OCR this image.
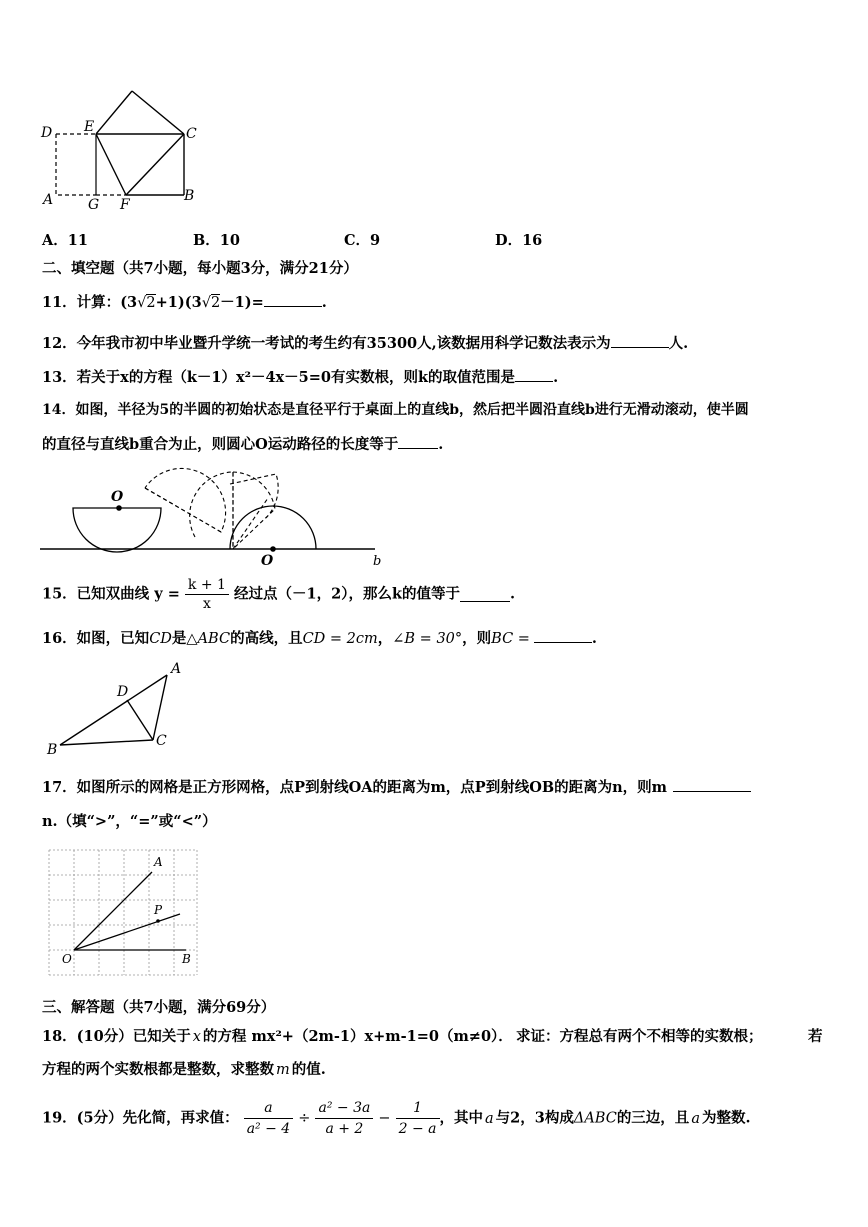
D E	C
A G F
B
A．11	B．10	C．9	D．16
二、填空题（共7小题，每小题3分，满分21分）
11．计算：(3√2+1)(3√2－1)=	.
12．今年我市初中毕业暨升学统一考试的考生约有35300人,该数据用科学记数法表示为	人.
13．若关于x的方程（k－1）x²－4x－5=0有实数根，则k的取值范围是	.
14．如图，半径为5的半圆的初始状态是直径平行于桌面上的直线b，然后把半圆沿直线b进行无滑动滚动，使半圆
的直径与直线b重合为止，则圆心O运动路径的长度等于	.
O
O	b
15．已知双曲线 $y = \frac{k + 1}{x}$ 经过点（－1，2），那么k的值等于	.
16．如图，已知CD是△ABC的高线，且CD = 2cm，∠B = 30°，则BC =	.
A
D
B
C
17．如图所示的网格是正方形网格，点P到射线OA的距离为m，点P到射线OB的距离为n，则m
n.（填“>”，“=”或“<”）
A
P
O	B
三、解答题（共7小题，满分69分）
18．(10分）已知关于 x 的方程 mx²+（2m-1）x+m-1=0（m≠0）． 求证：方程总有两个不相等的实数根；	若
方程的两个实数根都是整数，求整数 m 的值.
19．(5分）先化简，再求值： $\frac{a}{\text{a² − 4}} \div \frac{\text{a² − 3a}}{a + 2} - \frac{1}{2 - a}$ ，其中 a 与2，3构成ΔABC的三边，且 a 为整数.
